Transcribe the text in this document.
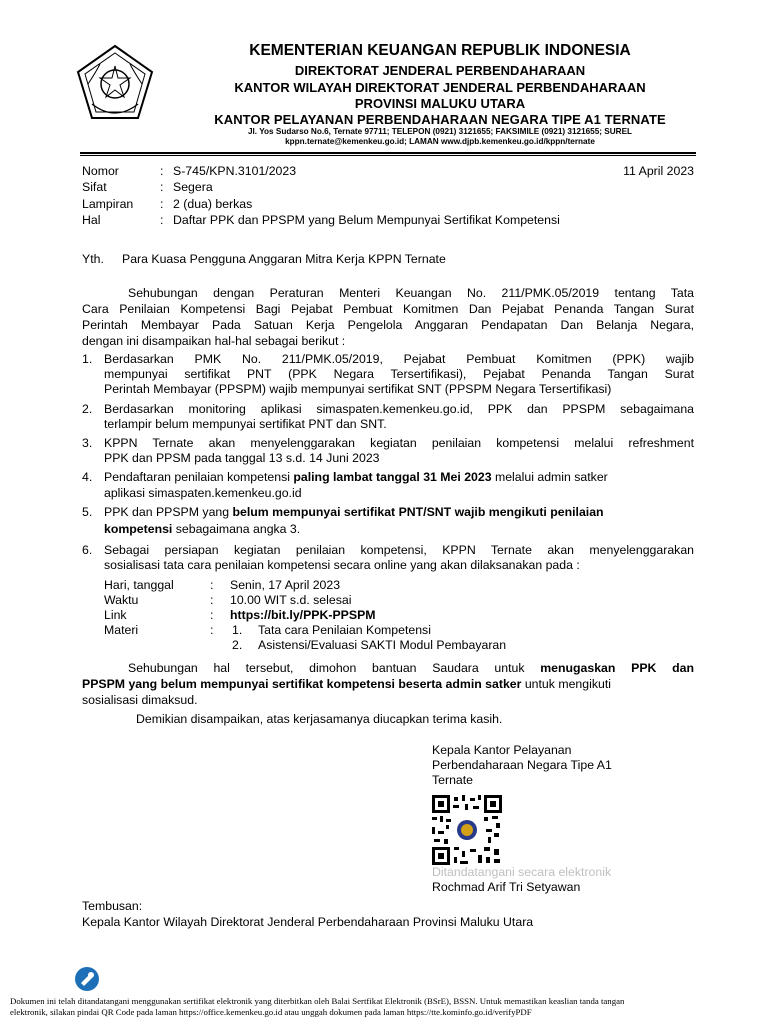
KEMENTERIAN KEUANGAN REPUBLIK INDONESIA
DIREKTORAT JENDERAL PERBENDAHARAAN
KANTOR WILAYAH DIREKTORAT JENDERAL PERBENDAHARAAN
PROVINSI MALUKU UTARA
KANTOR PELAYANAN PERBENDAHARAAN NEGARA TIPE A1 TERNATE
Jl. Yos Sudarso No.6, Ternate 97711; TELEPON (0921) 3121655; FAKSIMILE (0921) 3121655; SUREL
kppn.ternate@kemenkeu.go.id; LAMAN www.djpb.kemenkeu.go.id/kppn/ternate
Nomor	: S-745/KPN.3101/2023	11 April 2023
Sifat	: Segera
Lampiran : 2 (dua) berkas
Hal	: Daftar PPK dan PPSPM yang Belum Mempunyai Sertifikat Kompetensi
Yth. Para Kuasa Pengguna Anggaran Mitra Kerja KPPN Ternate
Sehubungan dengan Peraturan Menteri Keuangan No. 211/PMK.05/2019 tentang Tata
Cara Penilaian Kompetensi Bagi Pejabat Pembuat Komitmen Dan Pejabat Penanda Tangan Surat
Perintah Membayar Pada Satuan Kerja Pengelola Anggaran Pendapatan Dan Belanja Negara,
dengan ini disampaikan hal-hal sebagai berikut :
1. Berdasarkan PMK No. 211/PMK.05/2019, Pejabat Pembuat Komitmen (PPK) wajib
mempunyai sertifikat PNT (PPK Negara Tersertifikasi), Pejabat Penanda Tangan Surat
Perintah Membayar (PPSPM) wajib mempunyai sertifikat SNT (PPSPM Negara Tersertifikasi)
2. Berdasarkan monitoring aplikasi simaspaten.kemenkeu.go.id, PPK dan PPSPM sebagaimana
terlampir belum mempunyai sertifikat PNT dan SNT.
3. KPPN Ternate akan menyelenggarakan kegiatan penilaian kompetensi melalui refreshment
PPK dan PPSM pada tanggal 13 s.d. 14 Juni 2023
4. Pendaftaran penilaian kompetensi paling lambat tanggal 31 Mei 2023 melalui admin satker
aplikasi simaspaten.kemenkeu.go.id
5. PPK dan PPSPM yang belum mempunyai sertifikat PNT/SNT wajib mengikuti penilaian
kompetensi sebagaimana angka 3.
6. Sebagai persiapan kegiatan penilaian kompetensi, KPPN Ternate akan menyelenggarakan
sosialisasi tata cara penilaian kompetensi secara online yang akan dilaksanakan pada :
Hari, tanggal	: Senin, 17 April 2023
Waktu	: 10.00 WIT s.d. selesai
Link	: https://bit.ly/PPK-PPSPM
Materi	: 1. Tata cara Penilaian Kompetensi
2. Asistensi/Evaluasi SAKTI Modul Pembayaran
Sehubungan hal tersebut, dimohon bantuan Saudara untuk menugaskan PPK dan
PPSPM yang belum mempunyai sertifikat kompetensi beserta admin satker untuk mengikuti
sosialisasi dimaksud.
Demikian disampaikan, atas kerjasamanya diucapkan terima kasih.
Kepala Kantor Pelayanan
Perbendaharaan Negara Tipe A1
Ternate
Ditandatangani secara elektronik
Rochmad Arif Tri Setyawan
Tembusan:
Kepala Kantor Wilayah Direktorat Jenderal Perbendaharaan Provinsi Maluku Utara
Dokumen ini telah ditandatangani menggunakan sertifikat elektronik yang diterbitkan oleh Balai Sertfikat Elektronik (BSrE), BSSN. Untuk memastikan keaslian tanda tangan
elektronik, silakan pindai QR Code pada laman https://office.kemenkeu.go.id atau unggah dokumen pada laman https://tte.kominfo.go.id/verifyPDF
